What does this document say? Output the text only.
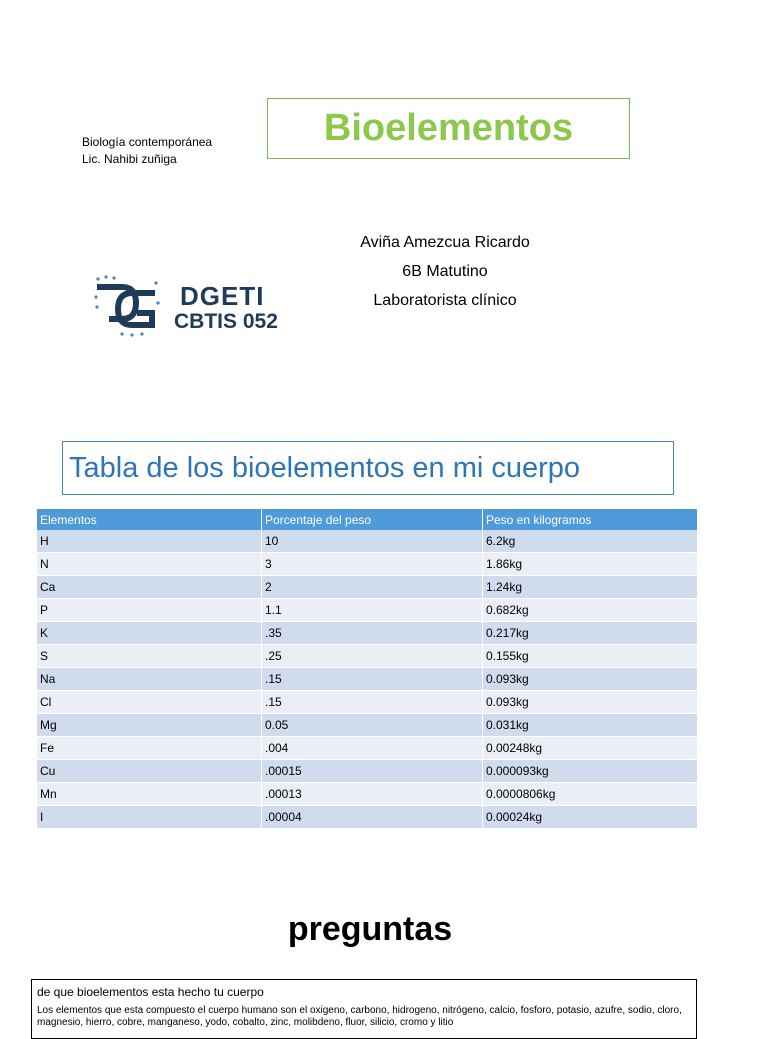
Biología contemporánea
Lic. Nahibi zuñiga
Bioelementos
Aviña Amezcua Ricardo
6B Matutino
Laboratorista clínico
DGETI
CBTIS 052
Tabla de los bioelementos en mi cuerpo
Elementos	Porcentaje del peso	Peso en kilogramos
H	10	6.2kg
N	3	1.86kg
Ca	2	1.24kg
P	1.1	0.682kg
K	.35	0.217kg
S	.25	0.155kg
Na	.15	0.093kg
Cl	.15	0.093kg
Mg	0.05	0.031kg
Fe	.004	0.00248kg
Cu	.00015	0.000093kg
Mn	.00013	0.0000806kg
I	.00004	0.00024kg
preguntas
de que bioelementos esta hecho tu cuerpo
Los elementos que esta compuesto el cuerpo humano son el oxigeno, carbono, hidrogeno, nitrógeno, calcio, fosforo, potasio, azufre, sodio, cloro, magnesio, hierro, cobre, manganeso, yodo, cobalto, zinc, molibdeno, fluor, silicio, cromo y litio
